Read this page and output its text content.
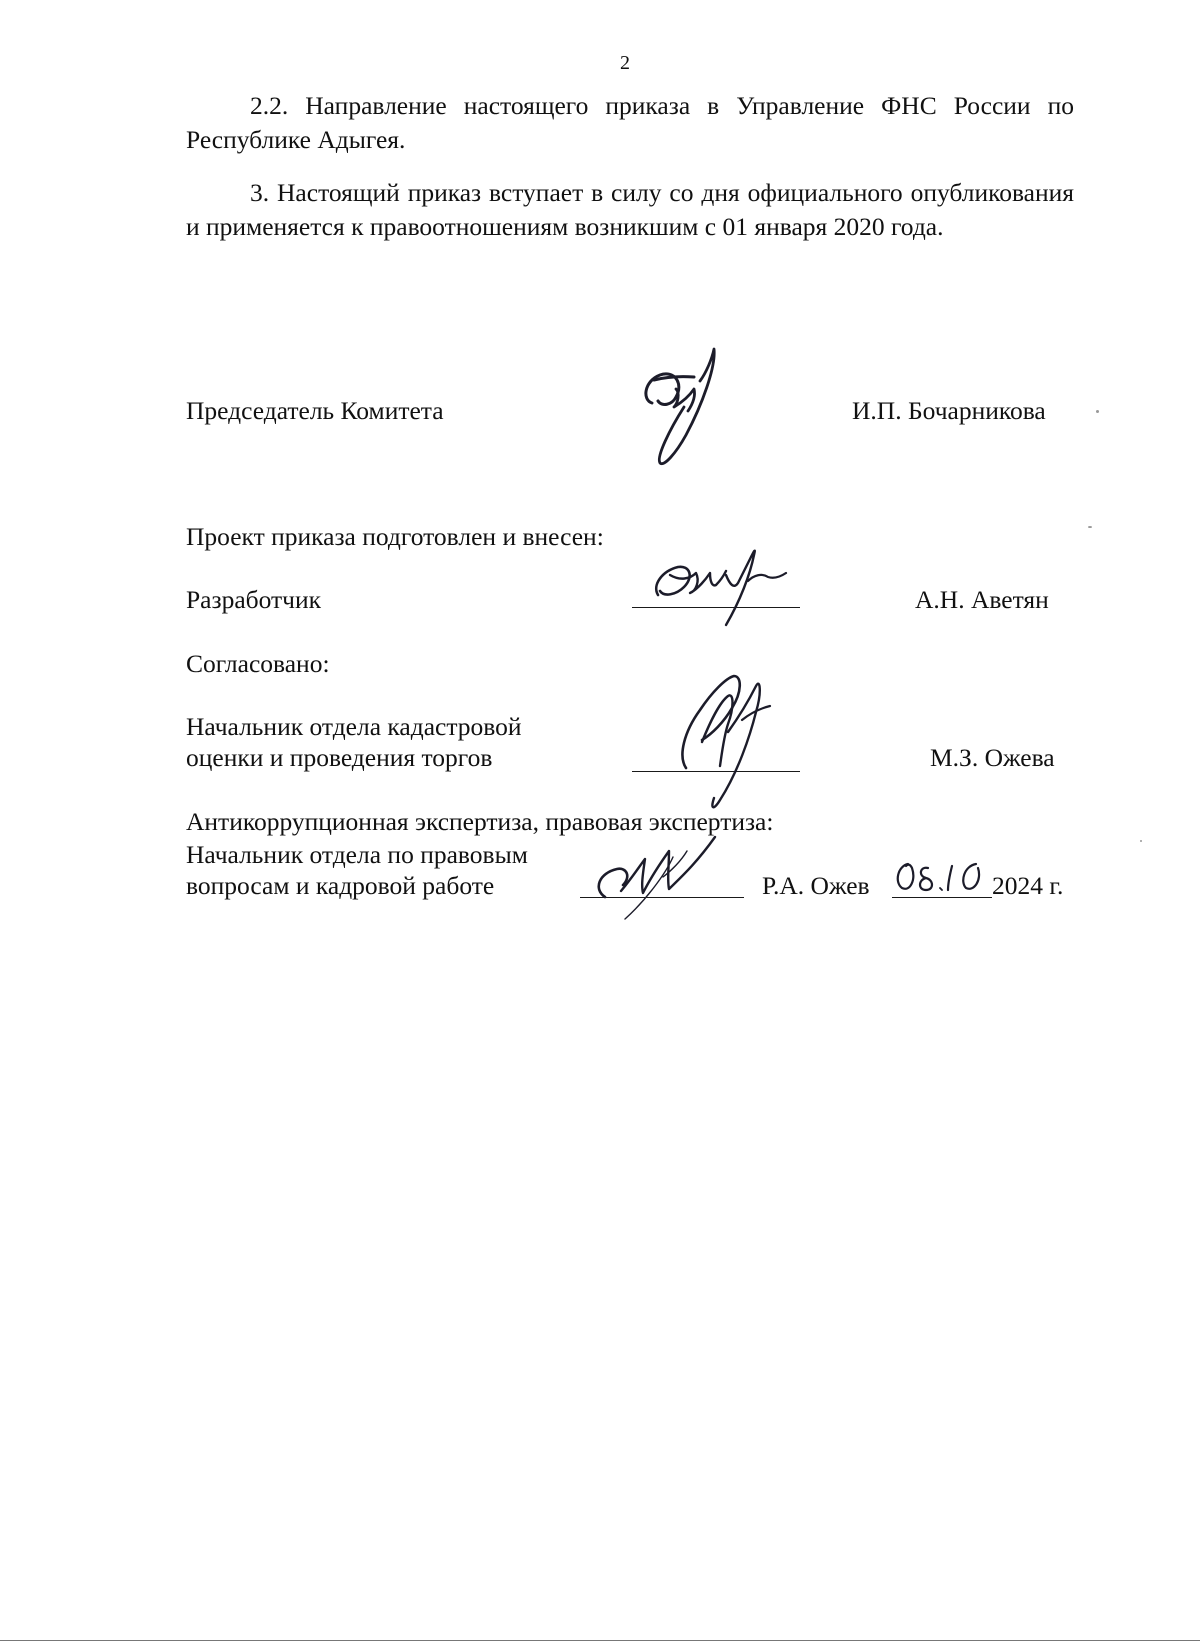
2
2.2. Направление настоящего приказа в Управление ФНС России по Республике Адыгея.
3. Настоящий приказ вступает в силу со дня официального опубликования и применяется к правоотношениям возникшим с 01 января 2020 года.
Председатель Комитета	И.П. Бочарникова
Проект приказа подготовлен и внесен:
Разработчик	А.Н. Аветян
Согласовано:
Начальник отдела кадастровой
оценки и проведения торгов	М.З. Ожева
Антикоррупционная экспертиза, правовая экспертиза:
Начальник отдела по правовым
вопросам и кадровой работе	Р.А. Ожев	2024 г.
